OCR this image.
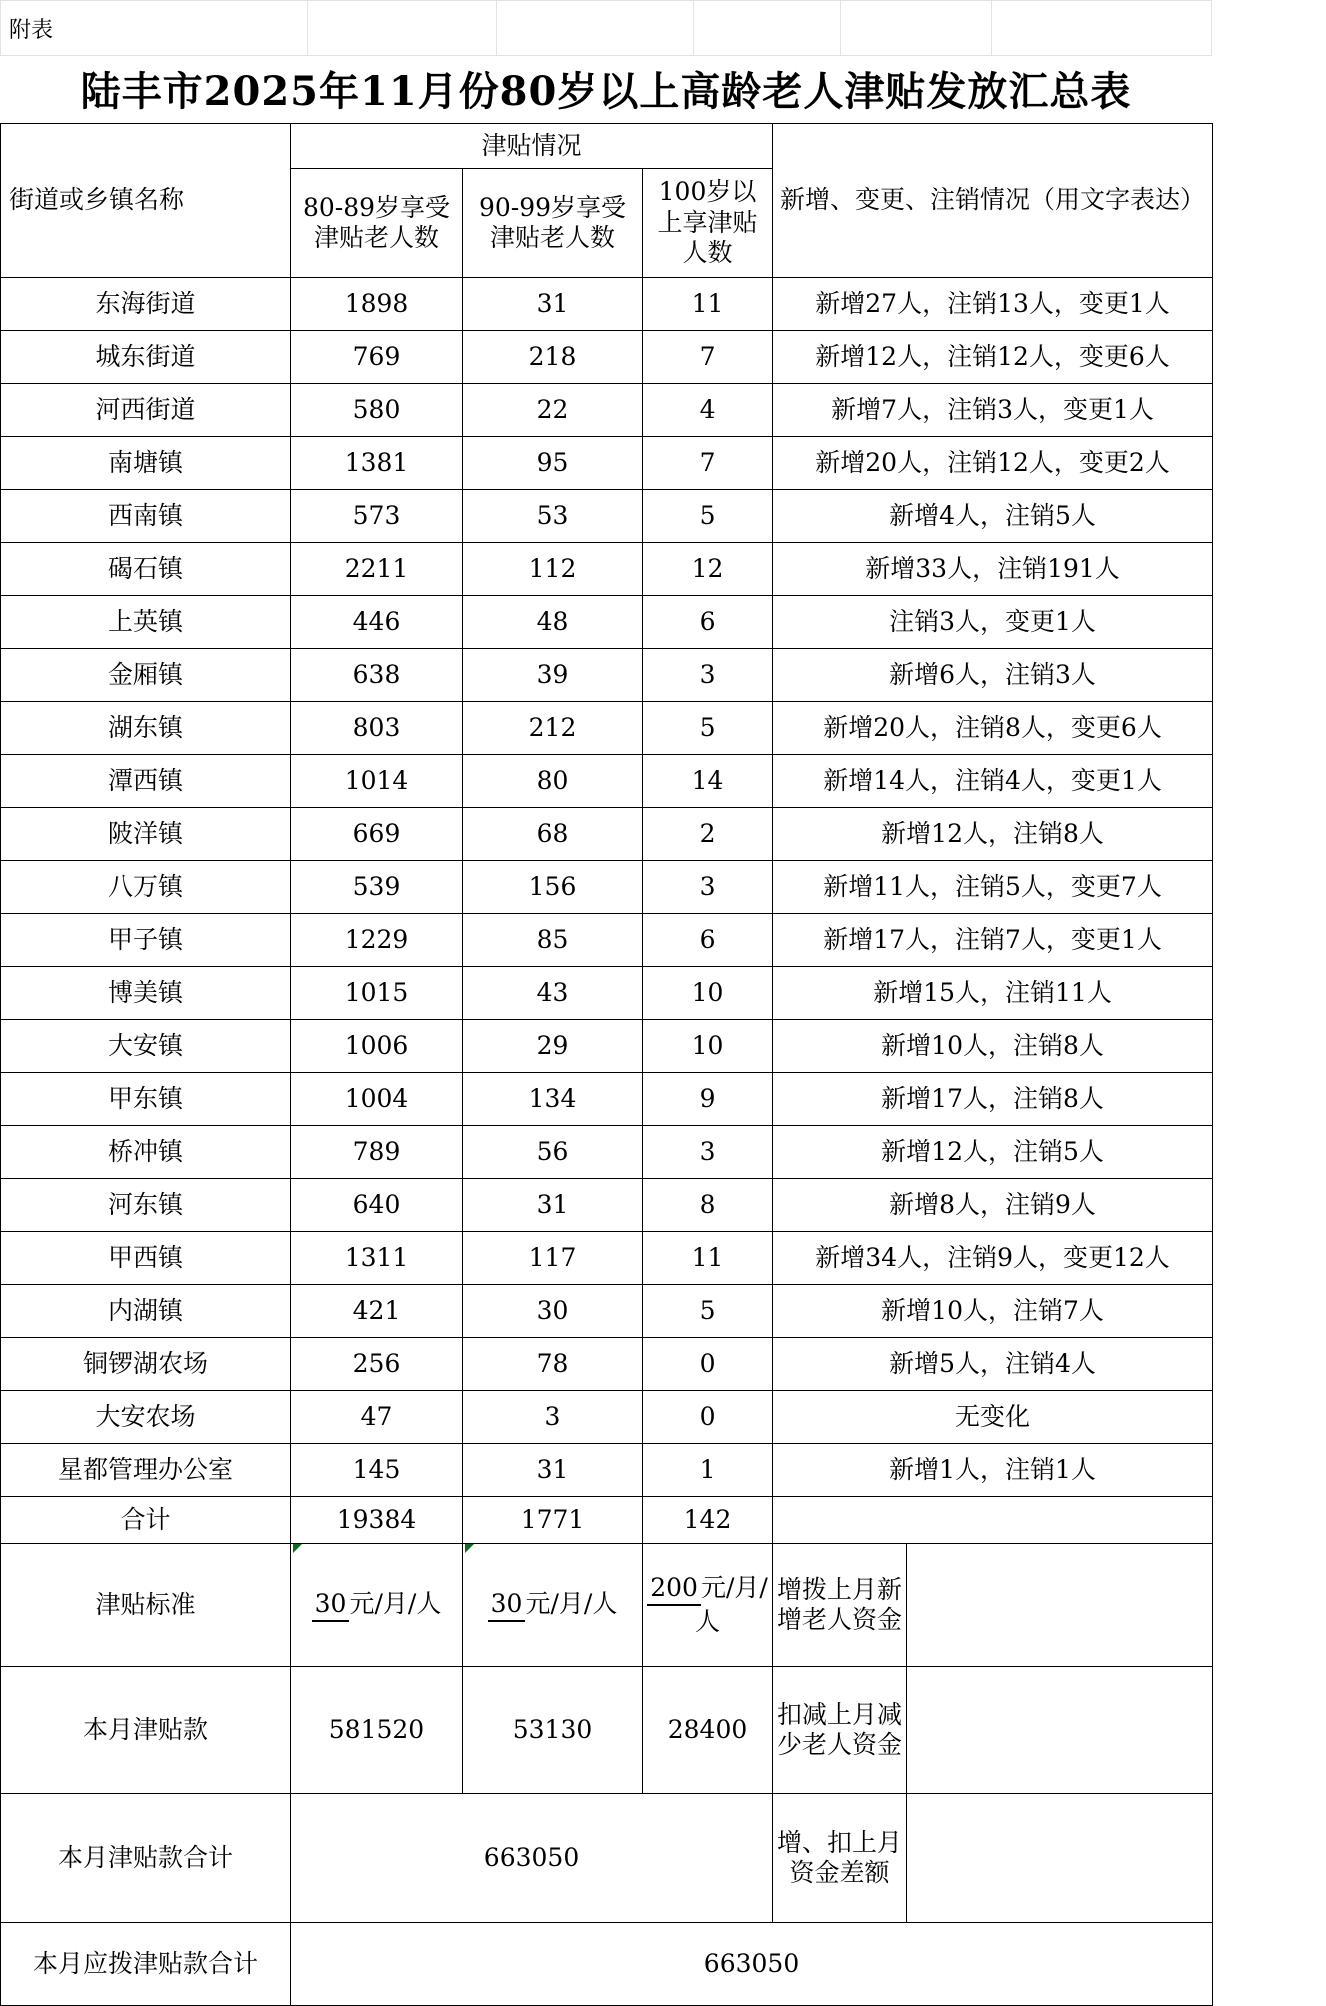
附表					
陆丰市2025年11月份80岁以上高龄老人津贴发放汇总表
街道或乡镇名称	津贴情况			新增、变更、注销情况（用文字表达）	
	80-89岁享受津贴老人数	90-99岁享受津贴老人数	100岁以上享津贴人数		
东海街道	1898	31	11	新增27人，注销13人，变更1人	
城东街道	769	218	7	新增12人，注销12人，变更6人	
河西街道	580	22	4	新增7人，注销3人，变更1人	
南塘镇	1381	95	7	新增20人，注销12人，变更2人	
西南镇	573	53	5	新增4人，注销5人	
碣石镇	2211	112	12	新增33人，注销191人	
上英镇	446	48	6	注销3人，变更1人	
金厢镇	638	39	3	新增6人，注销3人	
湖东镇	803	212	5	新增20人，注销8人，变更6人	
潭西镇	1014	80	14	新增14人，注销4人，变更1人	
陂洋镇	669	68	2	新增12人，注销8人	
八万镇	539	156	3	新增11人，注销5人，变更7人	
甲子镇	1229	85	6	新增17人，注销7人，变更1人	
博美镇	1015	43	10	新增15人，注销11人	
大安镇	1006	29	10	新增10人，注销8人	
甲东镇	1004	134	9	新增17人，注销8人	
桥冲镇	789	56	3	新增12人，注销5人	
河东镇	640	31	8	新增8人，注销9人	
甲西镇	1311	117	11	新增34人，注销9人，变更12人	
内湖镇	421	30	5	新增10人，注销7人	
铜锣湖农场	256	78	0	新增5人，注销4人	
大安农场	47	3	0	无变化	
星都管理办公室	145	31	1	新增1人，注销1人	
合计	19384	1771	142		
津贴标准	30 元/月/人	30 元/月/人	200 元/月/人	增拨上月新增老人资金	
本月津贴款	581520	53130	28400	扣减上月减少老人资金	
本月津贴款合计	663050			增、扣上月资金差额	
本月应拨津贴款合计	663050				
